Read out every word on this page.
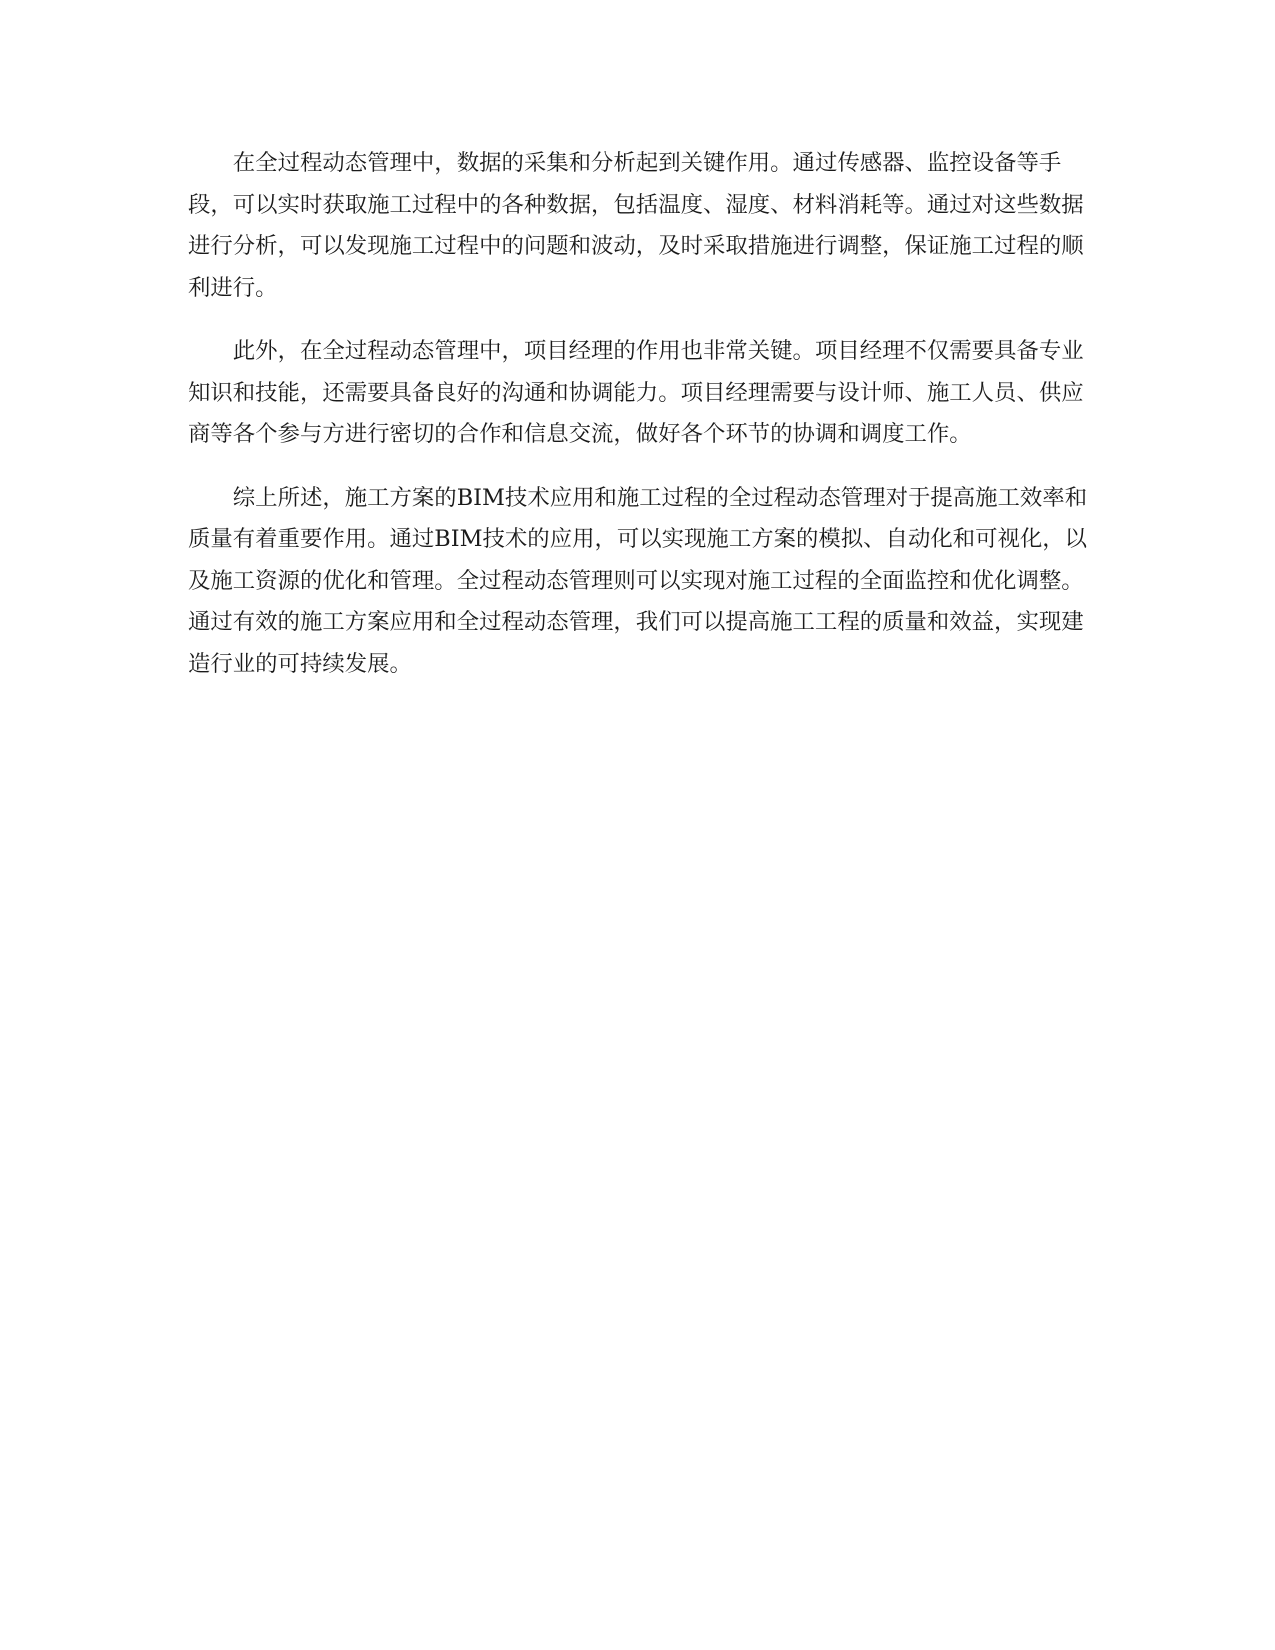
在全过程动态管理中，数据的采集和分析起到关键作用。通过传感器、监控设备等手段，可以实时获取施工过程中的各种数据，包括温度、湿度、材料消耗等。通过对这些数据进行分析，可以发现施工过程中的问题和波动，及时采取措施进行调整，保证施工过程的顺利进行。

此外，在全过程动态管理中，项目经理的作用也非常关键。项目经理不仅需要具备专业知识和技能，还需要具备良好的沟通和协调能力。项目经理需要与设计师、施工人员、供应商等各个参与方进行密切的合作和信息交流，做好各个环节的协调和调度工作。

综上所述，施工方案的BIM技术应用和施工过程的全过程动态管理对于提高施工效率和质量有着重要作用。通过BIM技术的应用，可以实现施工方案的模拟、自动化和可视化，以及施工资源的优化和管理。全过程动态管理则可以实现对施工过程的全面监控和优化调整。通过有效的施工方案应用和全过程动态管理，我们可以提高施工工程的质量和效益，实现建造行业的可持续发展。
